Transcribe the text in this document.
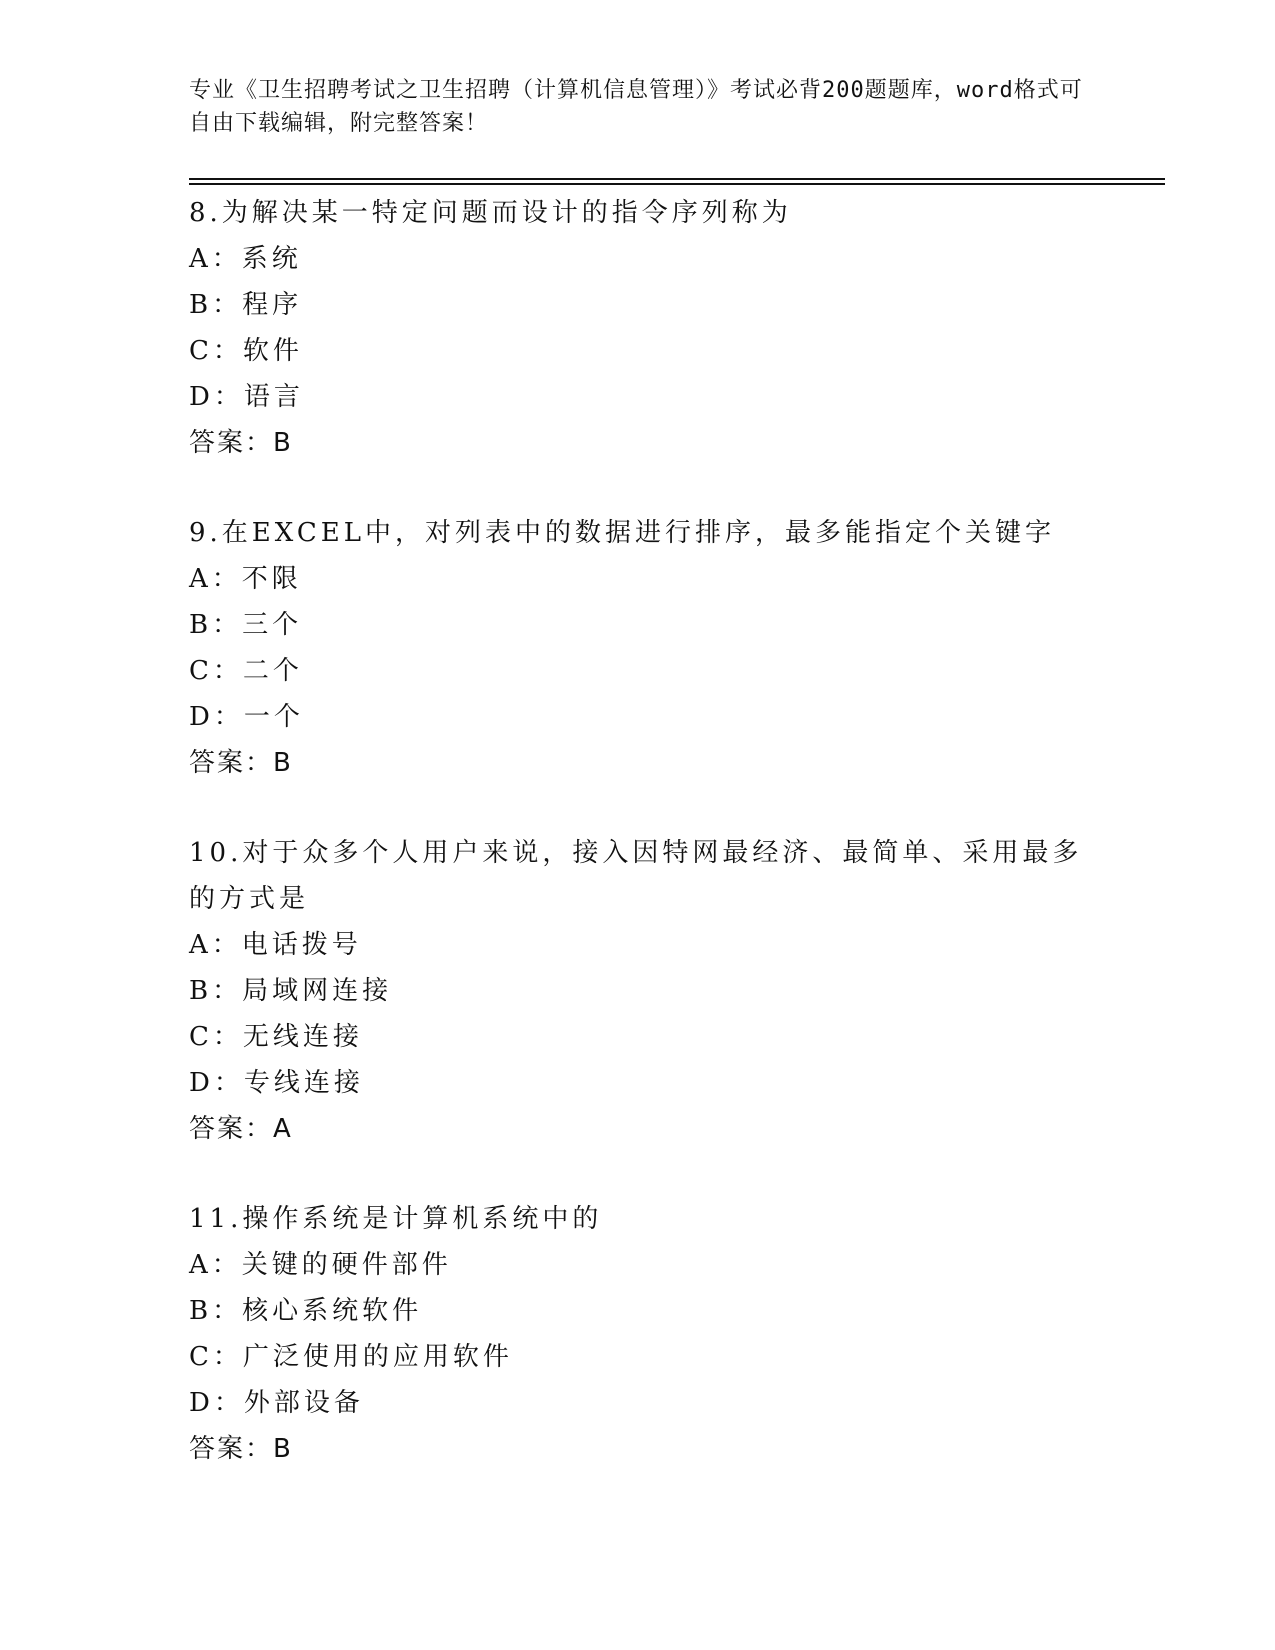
专业《卫生招聘考试之卫生招聘（计算机信息管理）》考试必背200题题库，word格式可自由下载编辑，附完整答案！
8.为解决某一特定问题而设计的指令序列称为
A：系统
B：程序
C：软件
D：语言
答案：B
9.在EXCEL中，对列表中的数据进行排序，最多能指定个关键字
A：不限
B：三个
C：二个
D：一个
答案：B
10.对于众多个人用户来说，接入因特网最经济、最简单、采用最多的方式是
A：电话拨号
B：局域网连接
C：无线连接
D：专线连接
答案：A
11.操作系统是计算机系统中的
A：关键的硬件部件
B：核心系统软件
C：广泛使用的应用软件
D：外部设备
答案：B
